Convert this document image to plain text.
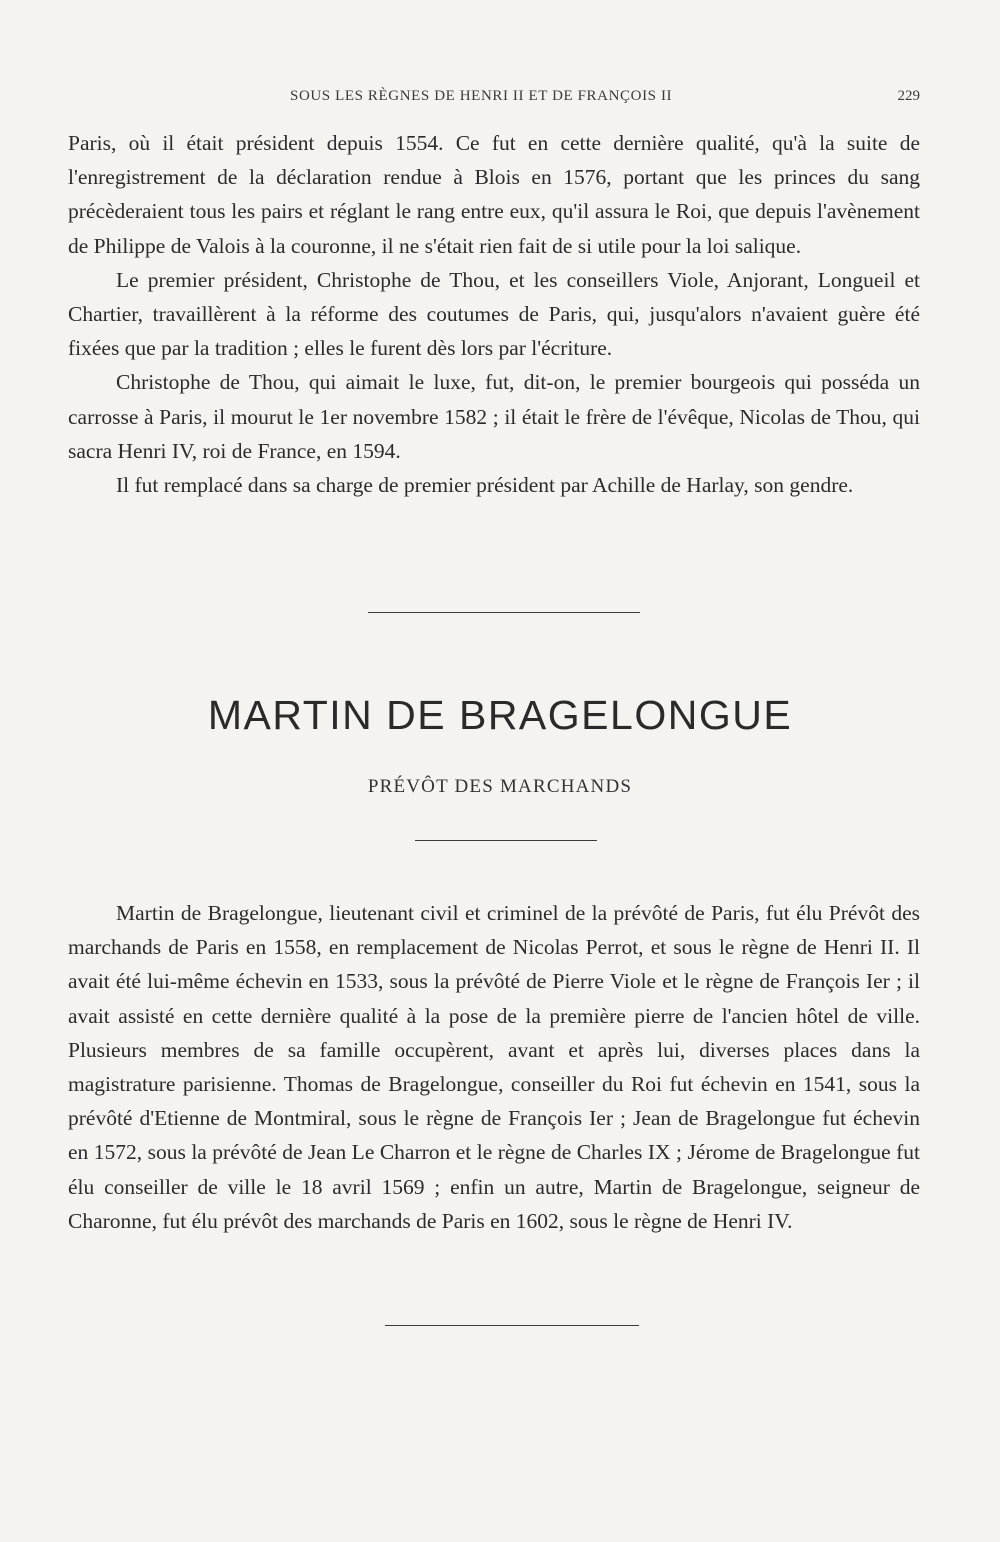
SOUS LES RÈGNES DE HENRI II ET DE FRANÇOIS II	229

Paris, où il était président depuis 1554. Ce fut en cette dernière qualité, qu'à la suite de l'enregistrement de la déclaration rendue à Blois en 1576, portant que les princes du sang précèderaient tous les pairs et réglant le rang entre eux, qu'il assura le Roi, que depuis l'avènement de Philippe de Valois à la couronne, il ne s'était rien fait de si utile pour la loi salique.

Le premier président, Christophe de Thou, et les conseillers Viole, Anjorant, Longueil et Chartier, travaillèrent à la réforme des coutumes de Paris, qui, jusqu'alors n'avaient guère été fixées que par la tradition ; elles le furent dès lors par l'écriture.

Christophe de Thou, qui aimait le luxe, fut, dit-on, le premier bourgeois qui posséda un carrosse à Paris, il mourut le 1er novembre 1582 ; il était le frère de l'évêque, Nicolas de Thou, qui sacra Henri IV, roi de France, en 1594.

Il fut remplacé dans sa charge de premier président par Achille de Harlay, son gendre.

MARTIN DE BRAGELONGUE
PRÉVÔT DES MARCHANDS

Martin de Bragelongue, lieutenant civil et criminel de la prévôté de Paris, fut élu Prévôt des marchands de Paris en 1558, en remplacement de Nicolas Perrot, et sous le règne de Henri II. Il avait été lui-même échevin en 1533, sous la prévôté de Pierre Viole et le règne de François Ier ; il avait assisté en cette dernière qualité à la pose de la première pierre de l'ancien hôtel de ville. Plusieurs membres de sa famille occupèrent, avant et après lui, diverses places dans la magistrature parisienne. Thomas de Bragelongue, conseiller du Roi fut échevin en 1541, sous la prévôté d'Etienne de Montmiral, sous le règne de François Ier ; Jean de Bragelongue fut échevin en 1572, sous la prévôté de Jean Le Charron et le règne de Charles IX ; Jérome de Bragelongue fut élu conseiller de ville le 18 avril 1569 ; enfin un autre, Martin de Bragelongue, seigneur de Charonne, fut élu prévôt des marchands de Paris en 1602, sous le règne de Henri IV.
